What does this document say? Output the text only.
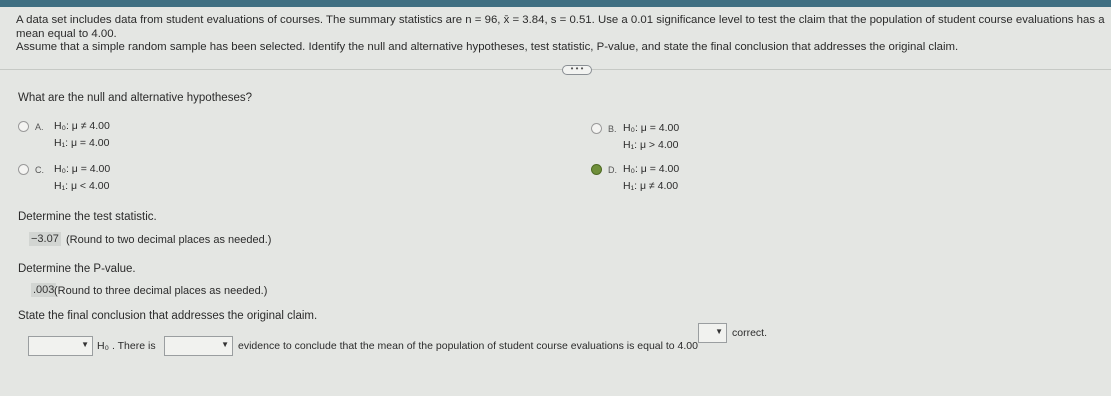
A data set includes data from student evaluations of courses. The summary statistics are n = 96, x̄ = 3.84, s = 0.51. Use a 0.01 significance level to test the claim that the population of student course evaluations has a mean equal to 4.00.
Assume that a simple random sample has been selected. Identify the null and alternative hypotheses, test statistic, P-value, and state the final conclusion that addresses the original claim.
• • •
What are the null and alternative hypotheses?
A. H₀: μ ≠ 4.00
H₁: μ = 4.00
B. H₀: μ = 4.00
H₁: μ > 4.00
C. H₀: μ = 4.00
H₁: μ < 4.00
D. H₀: μ = 4.00
H₁: μ ≠ 4.00
Determine the test statistic.
−3.07 (Round to two decimal places as needed.)
Determine the P-value.
.003 (Round to three decimal places as needed.)
State the final conclusion that addresses the original claim.
▼ H₀ . There is	▼ evidence to conclude that the mean of the population of student course evaluations is equal to 4.00
▼ correct.
